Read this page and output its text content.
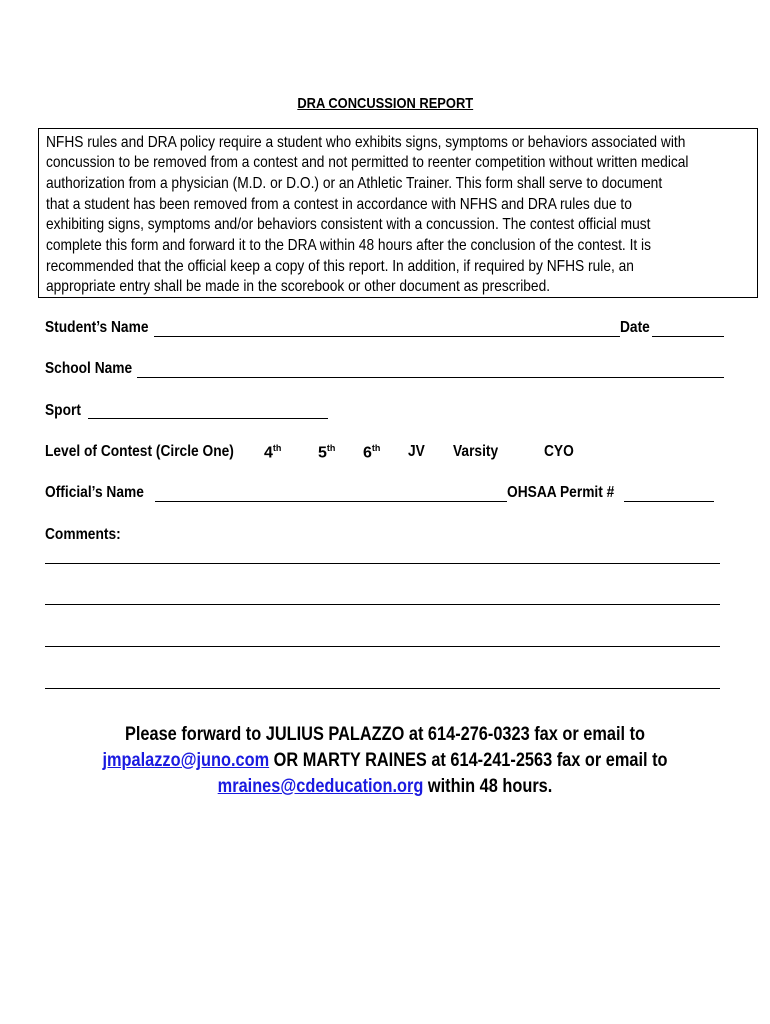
DRA CONCUSSION REPORT
NFHS rules and DRA policy require a student who exhibits signs, symptoms or behaviors associated with
concussion to be removed from a contest and not permitted to reenter competition without written medical
authorization from a physician (M.D. or D.O.) or an Athletic Trainer. This form shall serve to document
that a student has been removed from a contest in accordance with NFHS and DRA rules due to
exhibiting signs, symptoms and/or behaviors consistent with a concussion. The contest official must
complete this form and forward it to the DRA within 48 hours after the conclusion of the contest. It is
recommended that the official keep a copy of this report. In addition, if required by NFHS rule, an
appropriate entry shall be made in the scorebook or other document as prescribed.
Student’s Name	Date
School Name
Sport
Level of Contest (Circle One) 4th 5th 6th JV Varsity	CYO
Official’s Name	OHSAA Permit #
Comments:
Please forward to JULIUS PALAZZO at 614-276-0323 fax or email to
jmpalazzo@juno.com OR MARTY RAINES at 614-241-2563 fax or email to
mraines@cdeducation.org within 48 hours.
